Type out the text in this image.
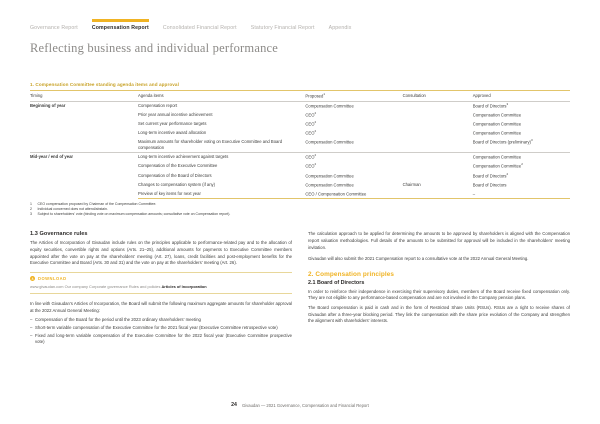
Governance Report	Compensation Report	Consolidated Financial Report	Statutory Financial Report	Appendix
Reflecting business and individual performance
1. Compensation Committee standing agenda items and approval
Timing	Agenda items	Proposed$^1$	Consultation	Approved
Beginning of year	Compensation report	Compensation Committee		Board of Directors$^3$
	Prior year annual incentive achievement	CEO$^2$		Compensation Committee
	Set current year performance targets	CEO$^2$		Compensation Committee
	Long-term incentive award allocation	CEO$^2$		Compensation Committee
	Maximum amounts for shareholder voting on Executive Committee and Board compensation	Compensation Committee		Board of Directors (preliminary)$^3$
Mid-year / end of year	Long-term incentive achievement against targets	CEO$^2$		Compensation Committee
	Compensation of the Executive Committee	CEO$^2$		Compensation Committee$^2$
	Compensation of the Board of Directors	Compensation Committee		Board of Directors$^2$
	Changes to compensation system (if any)	Compensation Committee	Chairman	Board of Directors
	Preview of key items for next year	CEO / Compensation Committee		–
1	CEO compensation proposed by Chairman of the Compensation Committee.
2	Individual concerned does not attend/abstain.
3	Subject to shareholders' vote (binding vote on maximum compensation amounts; consultative vote on Compensation report).
1.3 Governance rules

The Articles of Incorporation of Givaudan include rules on the principles applicable to performance-related pay and to the allocation of equity securities, convertible rights and options (Arts. 21–25), additional amounts for payments to Executive Committee members appointed after the vote on pay at the shareholders' meeting (Art. 27), loans, credit facilities and post-employment benefits for the Executive Committee and Board (Arts. 30 and 31) and the vote on pay at the shareholders' meeting (Art. 26).

DOWNLOAD
www.givaudan.com Our company Corporate governance Rules and policies Articles of Incorporation

In line with Givaudan's Articles of Incorporation, the Board will submit the following maximum aggregate amounts for shareholder approval at the 2022 Annual General Meeting:

– Compensation of the Board for the period until the 2023 ordinary shareholders' meeting
– Short-term variable compensation of the Executive Committee for the 2021 fiscal year (Executive Committee retrospective vote)
– Fixed and long-term variable compensation of the Executive Committee for the 2022 fiscal year (Executive Committee prospective vote)

The calculation approach to be applied for determining the amounts to be approved by shareholders is aligned with the Compensation report valuation methodologies. Full details of the amounts to be submitted for approval will be included in the shareholders' meeting invitation.

Givaudan will also submit the 2021 Compensation report to a consultative vote at the 2022 Annual General Meeting.

2. Compensation principles
2.1 Board of Directors

In order to reinforce their independence in exercising their supervisory duties, members of the Board receive fixed compensation only. They are not eligible to any performance-based compensation and are not involved in the Company pension plans.

The Board compensation is paid in cash and in the form of Restricted Share Units (RSUs). RSUs are a right to receive shares of Givaudan after a three-year blocking period. They link the compensation with the share price evolution of the Company and strengthen the alignment with shareholders' interests.

24 Givaudan — 2021 Governance, Compensation and Financial Report
